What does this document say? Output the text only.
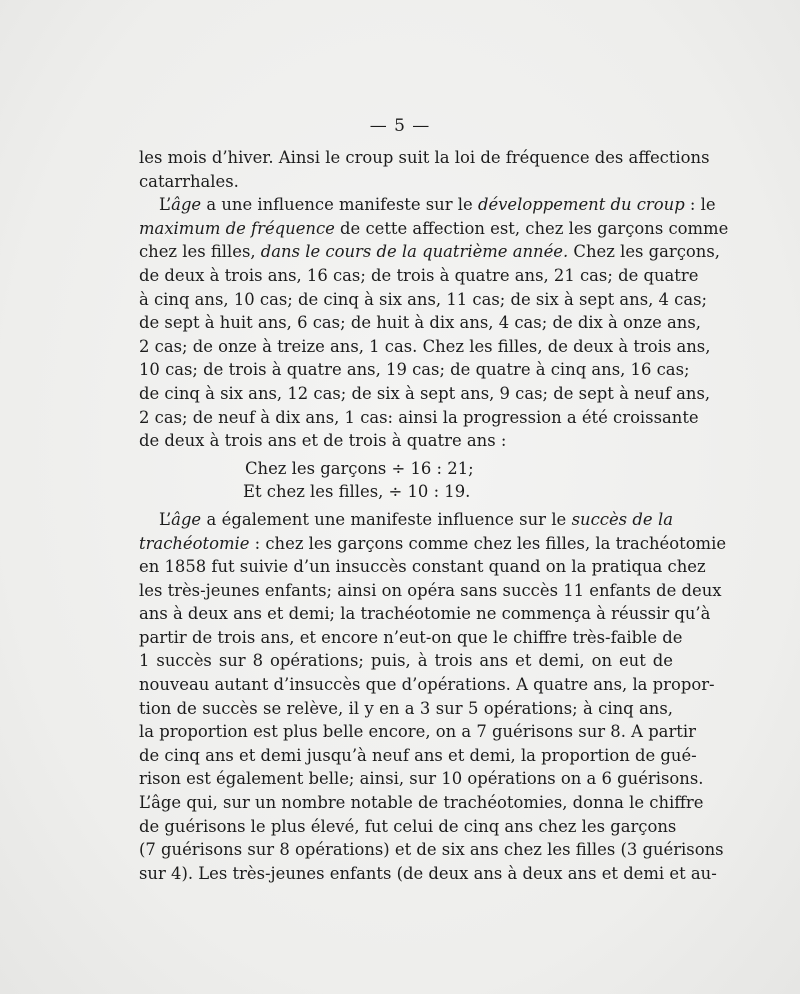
— 5 —
les mois d’hiver. Ainsi le croup suit la loi de fréquence des affections
catarrhales.
L’âge a une influence manifeste sur le développement du croup : le
maximum de fréquence de cette affection est, chez les garçons comme
chez les filles, dans le cours de la quatrième année. Chez les garçons,
de deux à trois ans, 16 cas; de trois à quatre ans, 21 cas; de quatre
à cinq ans, 10 cas; de cinq à six ans, 11 cas; de six à sept ans, 4 cas;
de sept à huit ans, 6 cas; de huit à dix ans, 4 cas; de dix à onze ans,
2 cas; de onze à treize ans, 1 cas. Chez les filles, de deux à trois ans,
10 cas; de trois à quatre ans, 19 cas; de quatre à cinq ans, 16 cas;
de cinq à six ans, 12 cas; de six à sept ans, 9 cas; de sept à neuf ans,
2 cas; de neuf à dix ans, 1 cas: ainsi la progression a été croissante
de deux à trois ans et de trois à quatre ans :
Chez les garçons ÷ 16 : 21;
Et chez les filles, ÷ 10 : 19.
L’âge a également une manifeste influence sur le succès de la
trachéotomie : chez les garçons comme chez les filles, la trachéotomie
en 1858 fut suivie d’un insuccès constant quand on la pratiqua chez
les très-jeunes enfants; ainsi on opéra sans succès 11 enfants de deux
ans à deux ans et demi; la trachéotomie ne commença à réussir qu’à
partir de trois ans, et encore n’eut-on que le chiffre très-faible de
1 succès sur 8 opérations; puis, à trois ans et demi, on eut de
nouveau autant d’insuccès que d’opérations. A quatre ans, la propor-
tion de succès se relève, il y en a 3 sur 5 opérations; à cinq ans,
la proportion est plus belle encore, on a 7 guérisons sur 8. A partir
de cinq ans et demi jusqu’à neuf ans et demi, la proportion de gué-
rison est également belle; ainsi, sur 10 opérations on a 6 guérisons.
L’âge qui, sur un nombre notable de trachéotomies, donna le chiffre
de guérisons le plus élevé, fut celui de cinq ans chez les garçons
(7 guérisons sur 8 opérations) et de six ans chez les filles (3 guérisons
sur 4). Les très-jeunes enfants (de deux ans à deux ans et demi et au-
